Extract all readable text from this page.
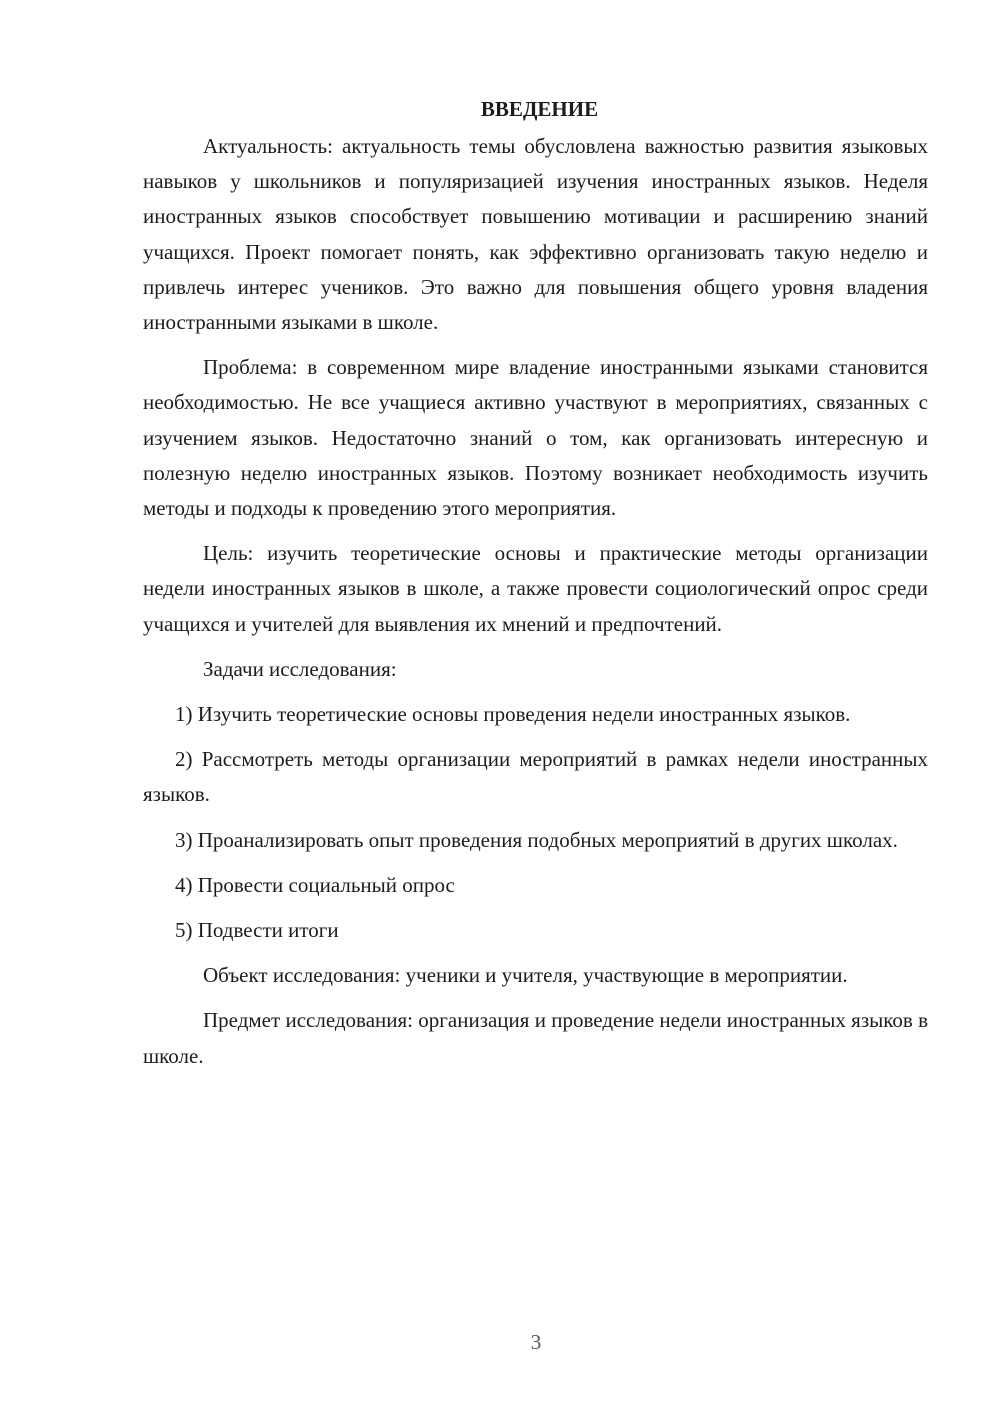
ВВЕДЕНИЕ

Актуальность: актуальность темы обусловлена важностью развития языковых навыков у школьников и популяризацией изучения иностранных языков. Неделя иностранных языков способствует повышению мотивации и расширению знаний учащихся. Проект помогает понять, как эффективно организовать такую неделю и привлечь интерес учеников. Это важно для повышения общего уровня владения иностранными языками в школе.

Проблема: в современном мире владение иностранными языками становится необходимостью. Не все учащиеся активно участвуют в мероприятиях, связанных с изучением языков. Недостаточно знаний о том, как организовать интересную и полезную неделю иностранных языков. Поэтому возникает необходимость изучить методы и подходы к проведению этого мероприятия.

Цель: изучить теоретические основы и практические методы организации недели иностранных языков в школе, а также провести социологический опрос среди учащихся и учителей для выявления их мнений и предпочтений.

Задачи исследования:

1) Изучить теоретические основы проведения недели иностранных языков.

2) Рассмотреть методы организации мероприятий в рамках недели иностранных языков.

3) Проанализировать опыт проведения подобных мероприятий в других школах.

4) Провести социальный опрос

5) Подвести итоги

Объект исследования: ученики и учителя, участвующие в мероприятии.

Предмет исследования: организация и проведение недели иностранных языков в школе.

3
